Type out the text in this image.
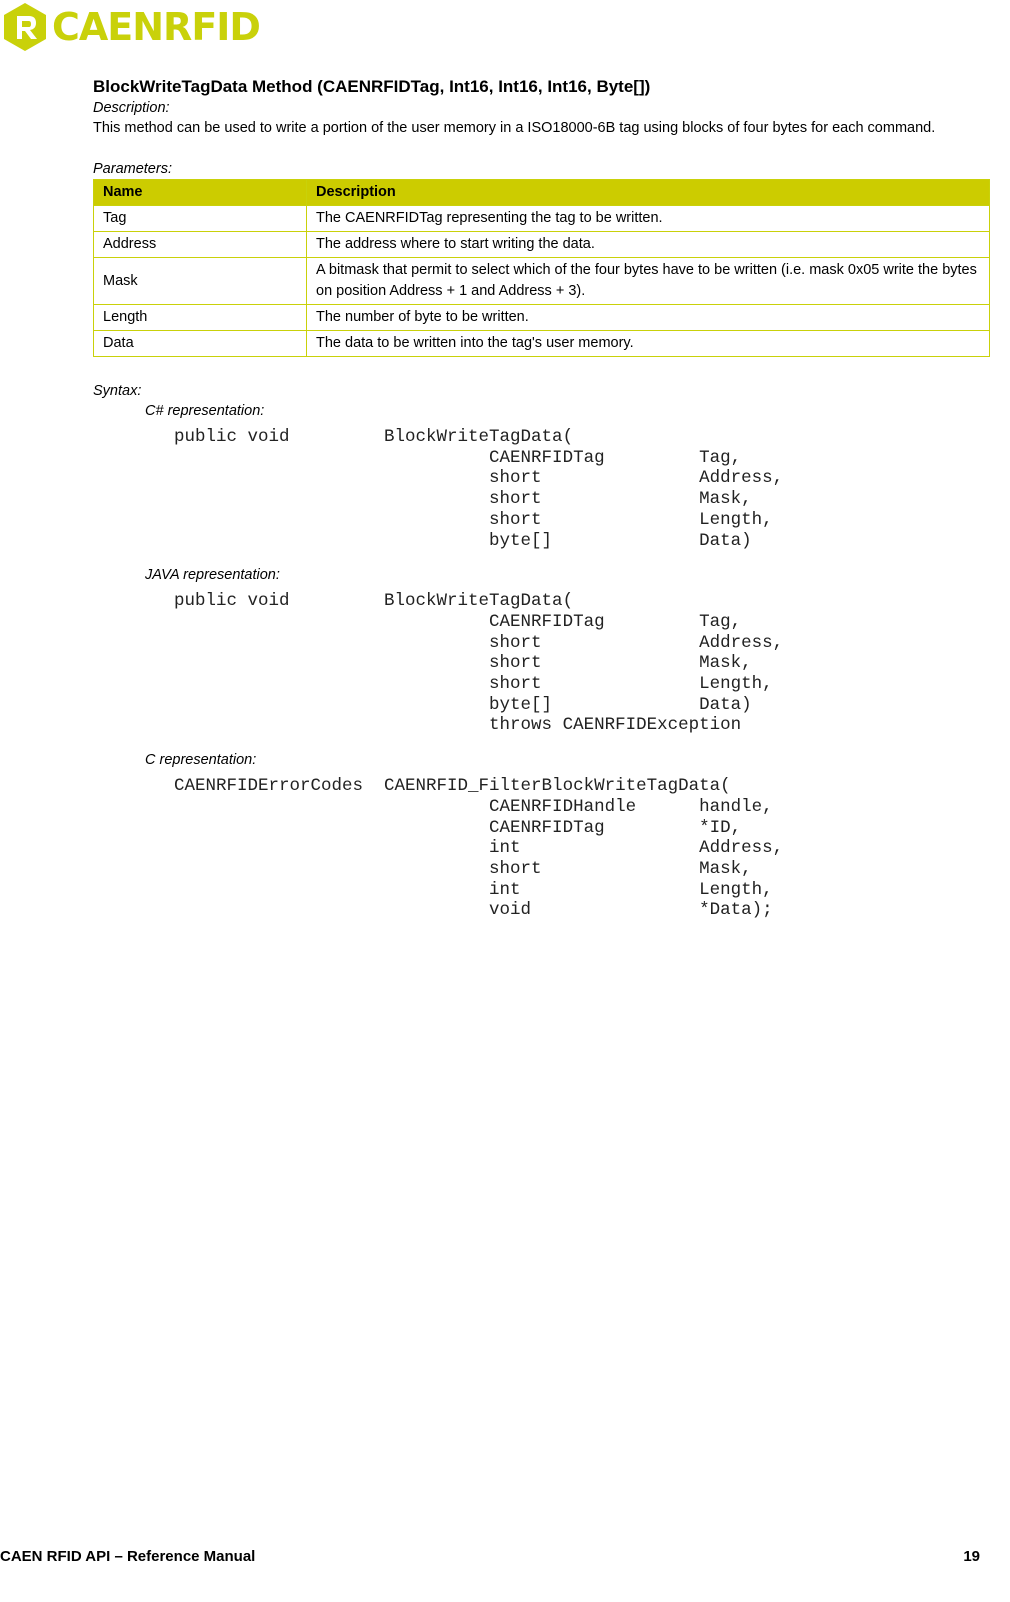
CAENRFID
BlockWriteTagData Method (CAENRFIDTag, Int16, Int16, Int16, Byte[])
Description:
This method can be used to write a portion of the user memory in a ISO18000-6B tag using blocks of four bytes for each command.
Parameters:
Name	Description
Tag	The CAENRFIDTag representing the tag to be written.
Address	The address where to start writing the data.
Mask	A bitmask that permit to select which of the four bytes have to be written (i.e. mask 0x05 write the bytes on position Address + 1 and Address + 3).
Length	The number of byte to be written.
Data	The data to be written into the tag's user memory.
Syntax:
C# representation:
public void         BlockWriteTagData(
CAENRFIDTag         Tag,
short               Address,
short               Mask,
short               Length,
byte[]              Data)
JAVA representation:
public void         BlockWriteTagData(
CAENRFIDTag         Tag,
short               Address,
short               Mask,
short               Length,
byte[]              Data)
throws CAENRFIDException
C representation:
CAENRFIDErrorCodes  CAENRFID_FilterBlockWriteTagData(
CAENRFIDHandle      handle,
CAENRFIDTag         *ID,
int                 Address,
short               Mask,
int                 Length,
void                *Data);
CAEN RFID API – Reference Manual	19
